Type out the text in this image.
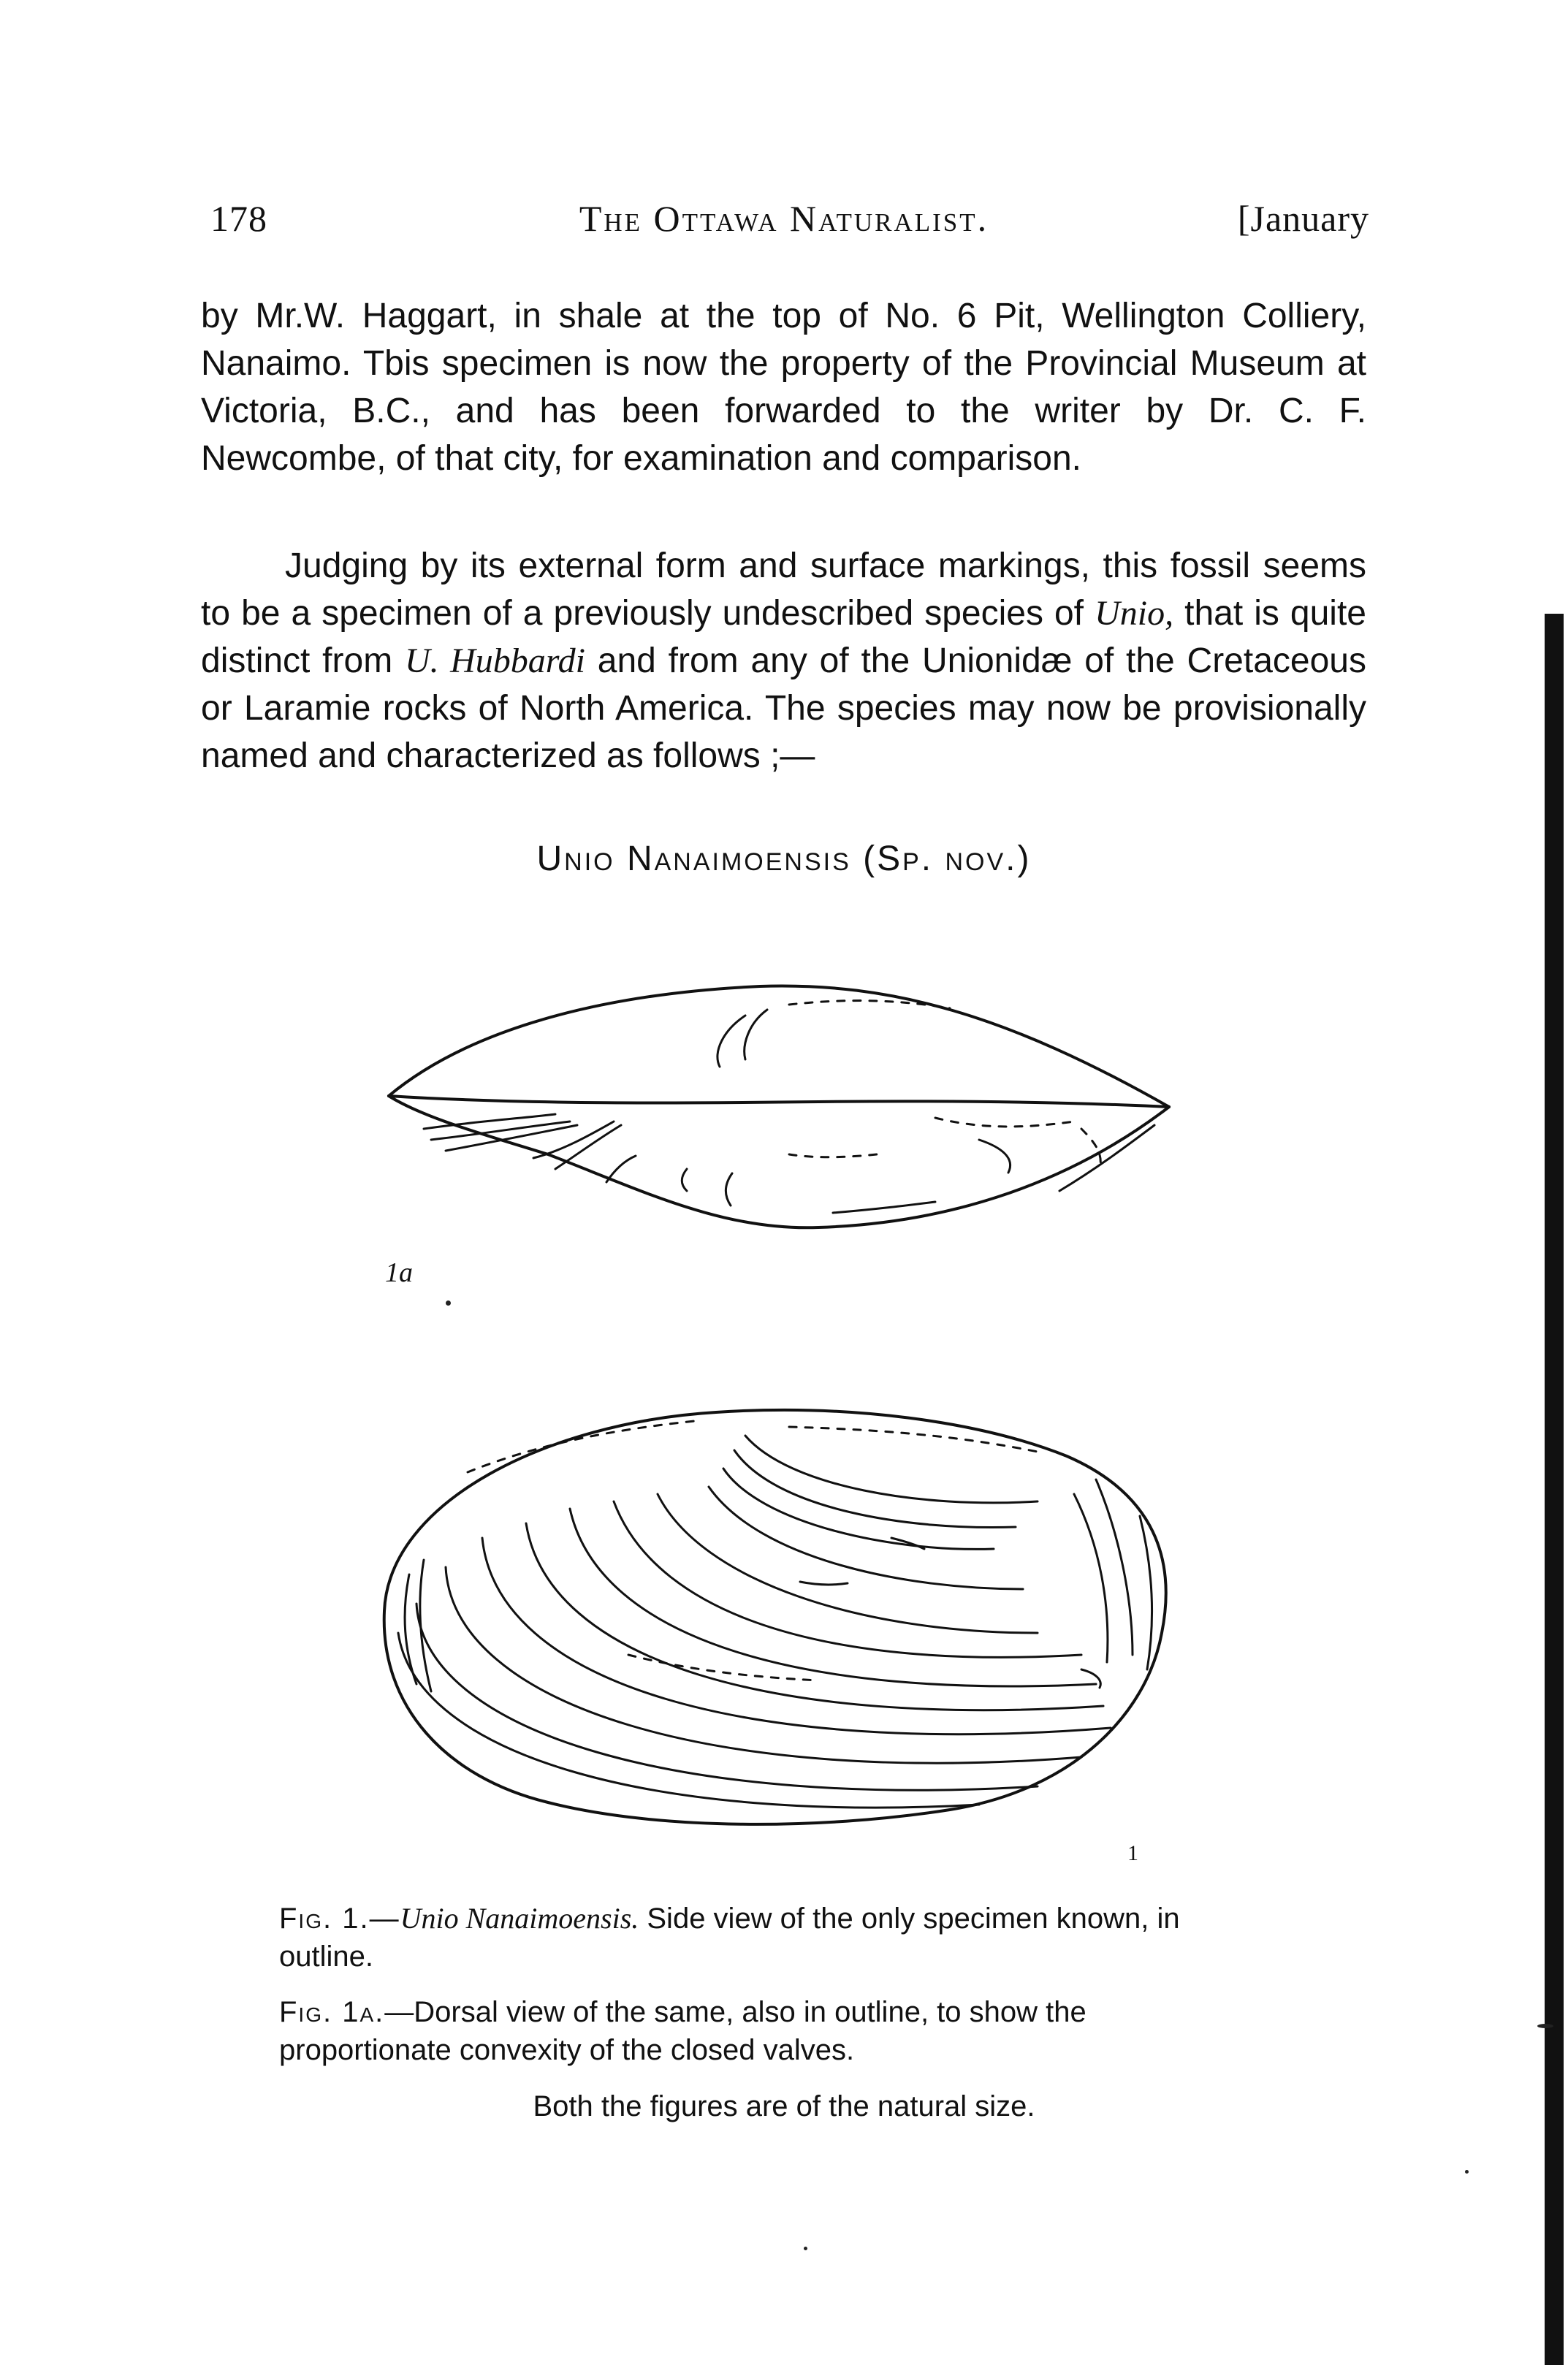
178	The Ottawa Naturalist.	[January

by Mr.W. Haggart, in shale at the top of No. 6 Pit, Wellington Colliery, Nanaimo. Tbis specimen is now the property of the Provincial Museum at Victoria, B.C., and has been forwarded to the writer by Dr. C. F. Newcombe, of that city, for examination and comparison.

Judging by its external form and surface markings, this fossil seems to be a specimen of a previously undescribed species of Unio, that is quite distinct from U. Hubbardi and from any of the Unionidæ of the Cretaceous or Laramie rocks of North America. The species may now be provisionally named and characterized as follows ;—

Unio Nanaimoensis (Sp. nov.)
1a
1
Fig. 1.—Unio Nanaimoensis. Side view of the only specimen known, in outline.
Fig. 1a.—Dorsal view of the same, also in outline, to show the proportionate convexity of the closed valves.
Both the figures are of the natural size.
